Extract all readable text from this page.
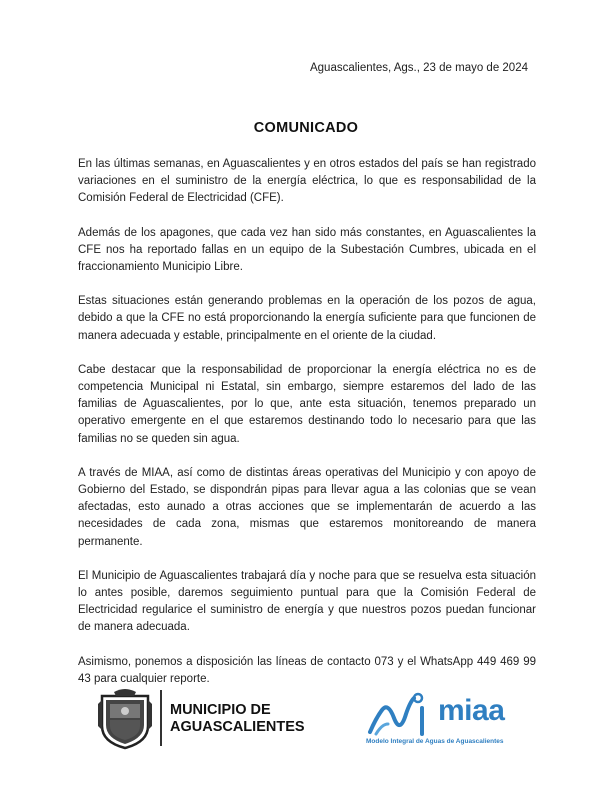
Aguascalientes, Ags., 23 de mayo de 2024
COMUNICADO

En las últimas semanas, en Aguascalientes y en otros estados del país se han registrado variaciones en el suministro de la energía eléctrica, lo que es responsabilidad de la Comisión Federal de Electricidad (CFE).

Además de los apagones, que cada vez han sido más constantes, en Aguascalientes la CFE nos ha reportado fallas en un equipo de la Subestación Cumbres, ubicada en el fraccionamiento Municipio Libre.

Estas situaciones están generando problemas en la operación de los pozos de agua, debido a que la CFE no está proporcionando la energía suficiente para que funcionen de manera adecuada y estable, principalmente en el oriente de la ciudad.

Cabe destacar que la responsabilidad de proporcionar la energía eléctrica no es de competencia Municipal ni Estatal, sin embargo, siempre estaremos del lado de las familias de Aguascalientes, por lo que, ante esta situación, tenemos preparado un operativo emergente en el que estaremos destinando todo lo necesario para que las familias no se queden sin agua.

A través de MIAA, así como de distintas áreas operativas del Municipio y con apoyo de Gobierno del Estado, se dispondrán pipas para llevar agua a las colonias que se vean afectadas, esto aunado a otras acciones que se implementarán de acuerdo a las necesidades de cada zona, mismas que estaremos monitoreando de manera permanente.

El Municipio de Aguascalientes trabajará día y noche para que se resuelva esta situación lo antes posible, daremos seguimiento puntual para que la Comisión Federal de Electricidad regularice el suministro de energía y que nuestros pozos puedan funcionar de manera adecuada.

Asimismo, ponemos a disposición las líneas de contacto 073 y el WhatsApp 449 469 99 43 para cualquier reporte.

MUNICIPIO DE
AGUASCALIENTES	miaa
Modelo Integral de Aguas de Aguascalientes
